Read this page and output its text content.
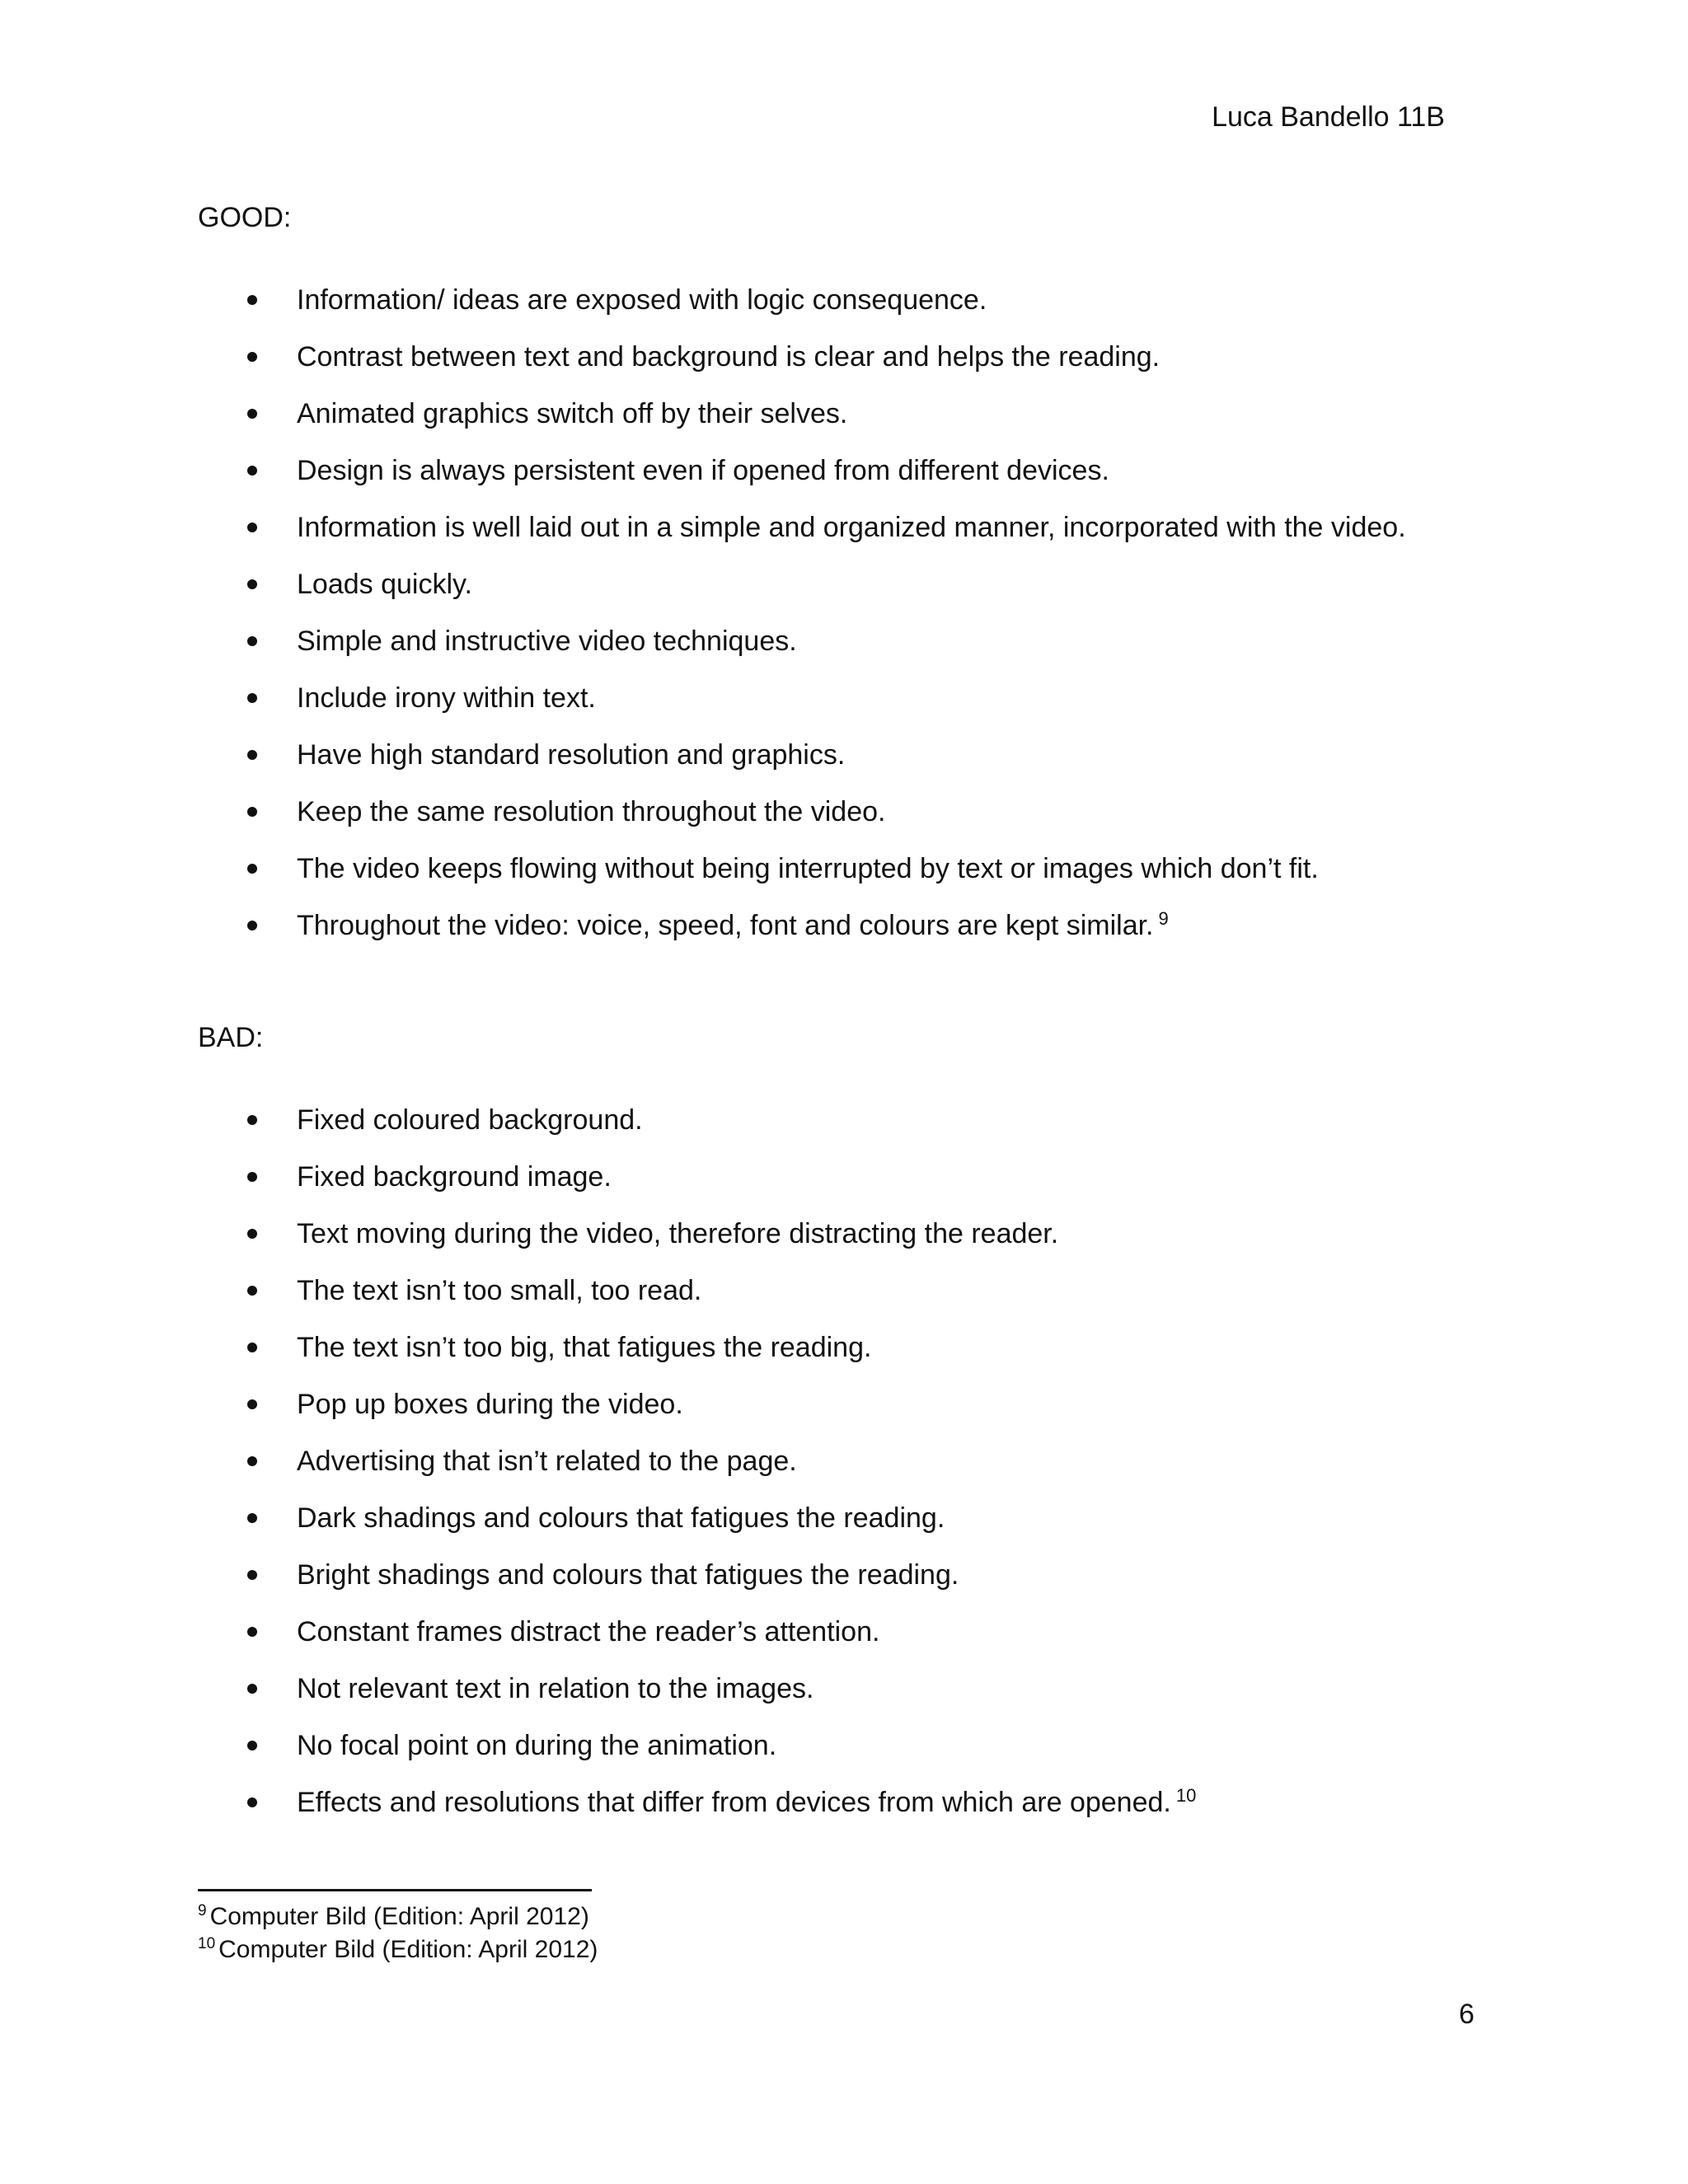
Luca Bandello 11B
GOOD:
Information/ ideas are exposed with logic consequence.
Contrast between text and background is clear and helps the reading.
Animated graphics switch off by their selves.
Design is always persistent even if opened from different devices.
Information is well laid out in a simple and organized manner, incorporated with the video.
Loads quickly.
Simple and instructive video techniques.
Include irony within text.
Have high standard resolution and graphics.
Keep the same resolution throughout the video.
The video keeps flowing without being interrupted by text or images which don’t fit.
Throughout the video: voice, speed, font and colours are kept similar. $^9$
BAD:
Fixed coloured background.
Fixed background image.
Text moving during the video, therefore distracting the reader.
The text isn’t too small, too read.
The text isn’t too big, that fatigues the reading.
Pop up boxes during the video.
Advertising that isn’t related to the page.
Dark shadings and colours that fatigues the reading.
Bright shadings and colours that fatigues the reading.
Constant frames distract the reader’s attention.
Not relevant text in relation to the images.
No focal point on during the animation.
Effects and resolutions that differ from devices from which are opened. $^{10}$
$^9$ Computer Bild (Edition: April 2012)
$^{10}$ Computer Bild (Edition: April 2012)
6
